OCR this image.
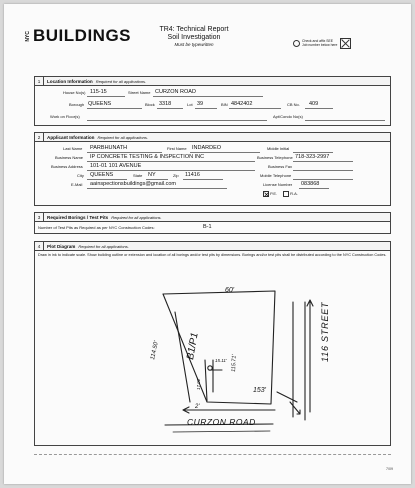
NYC BUILDINGS	TR4: Technical Report
Soil Investigation
Must be typewritten
Check and affix SEE
Job number below here
1	Location Information Required for all applications.
House No(s) 115-15	Street Name CURZON ROAD
Borough QUEENS	Block 3318	Lot 39	BIN 4842402	CB No. 409
Work on Floor(s)	Apt/Condo No(s)
2	Applicant Information Required for all applications.
Last Name PARBHUNATH	First Name INDARDEO	Middle Initial
Business Name IP CONCRETE TESTING & INSPECTION INC	Business Telephone 718-323-2997
Business Address 101-01 101 AVENUE	Business Fax
City QUEENS	State NY	Zip 11416	Mobile Telephone
E-Mail aainspectionsbuildings@gmail.com	License Number 083868
P.E.	R.A.
3	Required Borings / Test Pits Required for all applications.
Number of Test Pits as Required as per NYC Construction Codes:	B-1
4	Plot Diagram Required for all applications.
Draw in ink to indicate scale. Show building outline or extension and location of all borings and/or test pits by dimensions. Borings and/or test pits shall be distributed according to the NYC Construction Codes.
60'
114.50'
115.71'
B1/P1	15.11'
17.02'
153'
2'
CURZON ROAD
116 STREET
7/09
